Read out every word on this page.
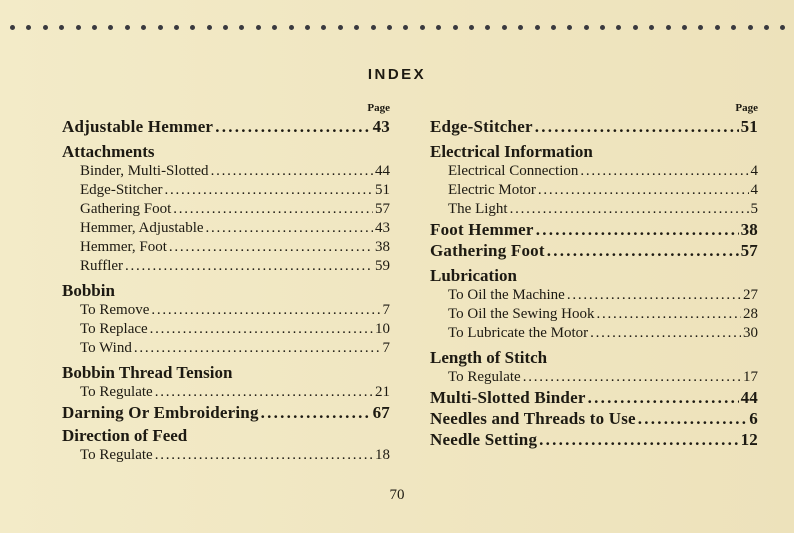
INDEX
Page
Adjustable Hemmer . . .	43
Attachments
Binder, Multi-Slotted . . .	44
Edge-Stitcher . . .	51
Gathering Foot . . .	57
Hemmer, Adjustable . . .	43
Hemmer, Foot . . .	38
Ruffler . . .	59
Bobbin
To Remove . . .	7
To Replace . . .	10
To Wind . . .	7
Bobbin Thread Tension
To Regulate . . .	21
Darning Or Embroidering . . .	67
Direction of Feed
To Regulate . . .	18
Page
Edge-Stitcher . . .	51
Electrical Information
Electrical Connection . . .	4
Electric Motor . . .	4
The Light . . .	5
Foot Hemmer . . .	38
Gathering Foot . . .	57
Lubrication
To Oil the Machine . . .	27
To Oil the Sewing Hook . . .	28
To Lubricate the Motor . . .	30
Length of Stitch
To Regulate . . .	17
Multi-Slotted Binder . . .	44
Needles and Threads to Use . . .	6
Needle Setting . . .	12
70
